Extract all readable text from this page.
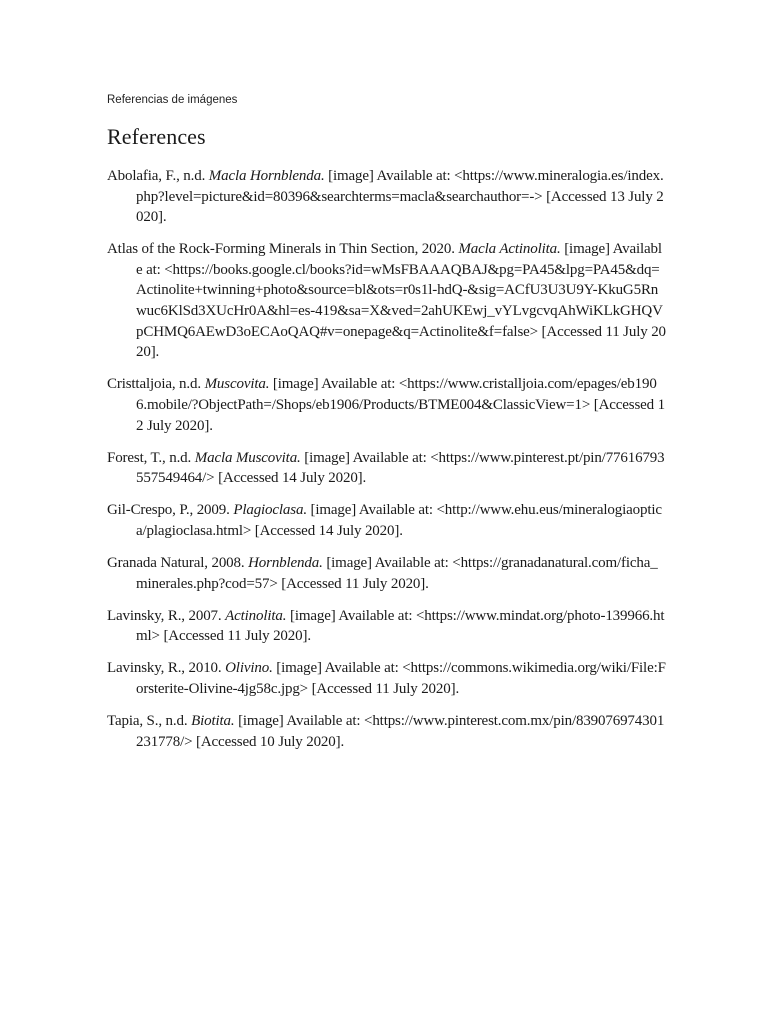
Referencias de imágenes

References
Abolafia, F., n.d. Macla Hornblenda. [image] Available at: <https://www.mineralogia.es/index.php?level=picture&id=80396&searchterms=macla&searchauthor=-> [Accessed 13 July 2020].
Atlas of the Rock-Forming Minerals in Thin Section, 2020. Macla Actinolita. [image] Available at: <https://books.google.cl/books?id=wMsFBAAAQBAJ&pg=PA45&lpg=PA45&dq=Actinolite+twinning+photo&source=bl&ots=r0s1l-hdQ-&sig=ACfU3U3U9Y-KkuG5Rnwuc6KlSd3XUcHr0A&hl=es-419&sa=X&ved=2ahUKEwj_vYLvgcvqAhWiKLkGHQVpCHMQ6AEwD3oECAoQAQ#v=onepage&q=Actinolite&f=false> [Accessed 11 July 2020].
Cristtaljoia, n.d. Muscovita. [image] Available at: <https://www.cristalljoia.com/epages/eb1906.mobile/?ObjectPath=/Shops/eb1906/Products/BTME004&ClassicView=1> [Accessed 12 July 2020].
Forest, T., n.d. Macla Muscovita. [image] Available at: <https://www.pinterest.pt/pin/77616793557549464/> [Accessed 14 July 2020].
Gil-Crespo, P., 2009. Plagioclasa. [image] Available at: <http://www.ehu.eus/mineralogiaoptica/plagioclasa.html> [Accessed 14 July 2020].
Granada Natural, 2008. Hornblenda. [image] Available at: <https://granadanatural.com/ficha_minerales.php?cod=57> [Accessed 11 July 2020].
Lavinsky, R., 2007. Actinolita. [image] Available at: <https://www.mindat.org/photo-139966.html> [Accessed 11 July 2020].
Lavinsky, R., 2010. Olivino. [image] Available at: <https://commons.wikimedia.org/wiki/File:Forsterite-Olivine-4jg58c.jpg> [Accessed 11 July 2020].
Tapia, S., n.d. Biotita. [image] Available at: <https://www.pinterest.com.mx/pin/839076974301231778/> [Accessed 10 July 2020].
